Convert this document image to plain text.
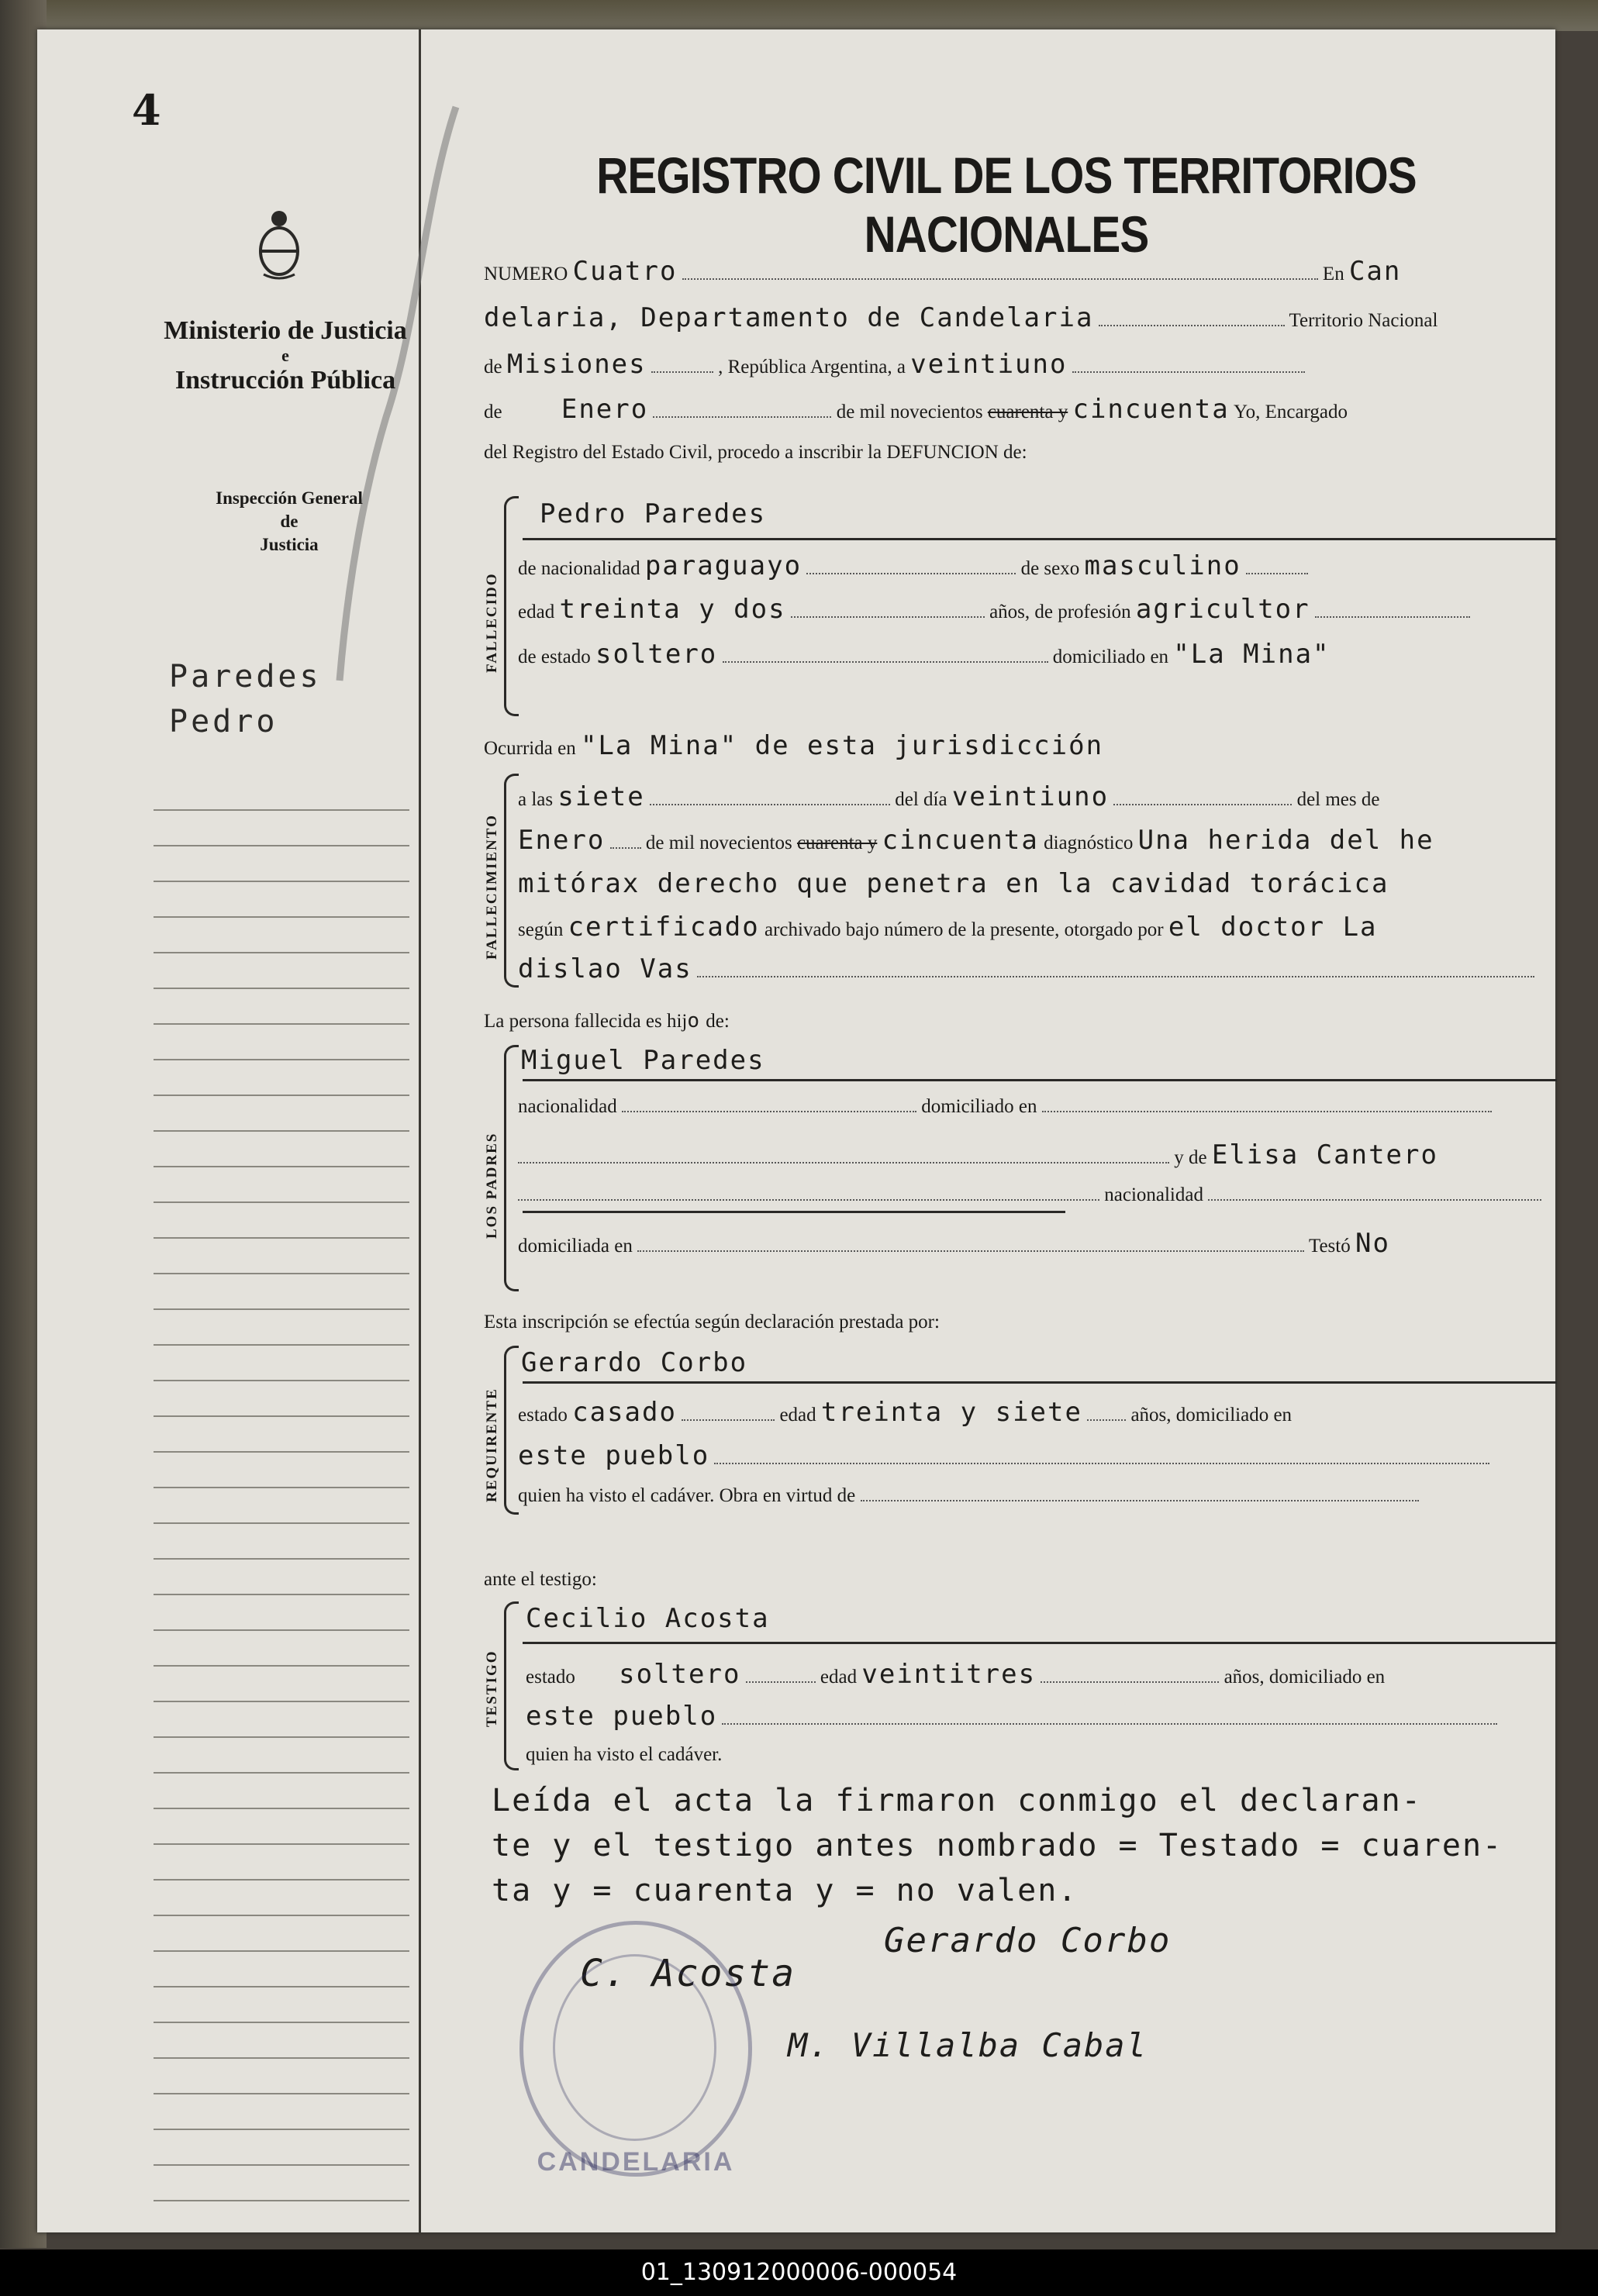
4
Ministerio de Justicia
e
Instrucción Pública
Inspección General
de
Justicia
Paredes
Pedro
REGISTRO CIVIL DE LOS TERRITORIOS NACIONALES
NUMERO Cuatro	En Can
delaria, Departamento de Candelaria	Territorio Nacional
de Misiones	, República Argentina, a veintiuno
de Enero	de mil novecientos cuarenta y cincuenta Yo, Encargado
del Registro del Estado Civil, procedo a inscribir la DEFUNCION de:
FALLECIDO
Pedro Paredes
de nacionalidad paraguayo	de sexo masculino
edad treinta y dos	años, de profesión agricultor
de estado soltero	domiciliado en "La Mina"
Ocurrida en "La Mina" de esta jurisdicción
FALLECIMIENTO
a las siete	del día veintiuno	del mes de
Enero de mil novecientos cuarenta y cincuenta diagnóstico Una herida del he
mitórax derecho que penetra en la cavidad torácica
según certificado archivado bajo número de la presente, otorgado por el doctor La
dislao Vas
La persona fallecida es hijo de:
LOS PADRES
Miguel Paredes
nacionalidad	domiciliado en
y de Elisa Cantero
nacionalidad
domiciliada en	Testó No
Esta inscripción se efectúa según declaración prestada por:
REQUIRENTE
Gerardo Corbo
estado casado	edad treinta y siete	años, domiciliado en
este pueblo
quien ha visto el cadáver. Obra en virtud de
ante el testigo:
TESTIGO
Cecilio Acosta
estado soltero	edad veintitres	años, domiciliado en
este pueblo
quien ha visto el cadáver.
Leída el acta la firmaron conmigo el declaran-
te y el testigo antes nombrado = Testado = cuaren-
ta y = cuarenta y = no valen.
Gerardo Corbo
C. Acosta
M. Villalba Cabal
CANDELARIA
01_130912000006-000054
